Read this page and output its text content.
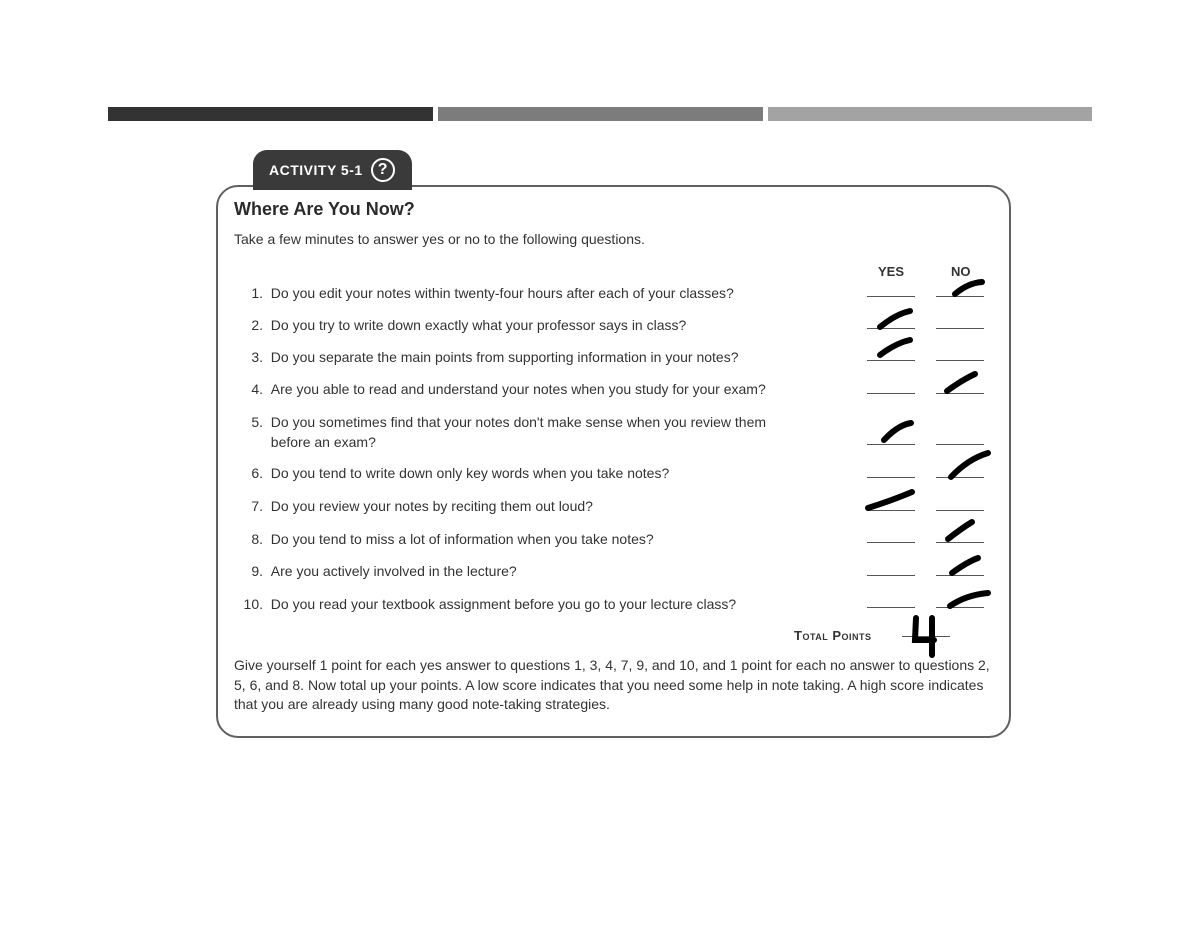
ACTIVITY 5-1 ?
Where Are You Now?
Take a few minutes to answer yes or no to the following questions.
YES	NO
1.
Do you edit your notes within twenty-four hours after each of your classes?
2.
Do you try to write down exactly what your professor says in class?
3.
Do you separate the main points from supporting information in your notes?
4.
Are you able to read and understand your notes when you study for your exam?
5.
Do you sometimes find that your notes don't make sense when you review them before an exam?
6.
Do you tend to write down only key words when you take notes?
7.
Do you review your notes by reciting them out loud?
8.
Do you tend to miss a lot of information when you take notes?
9.
Are you actively involved in the lecture?
10.
Do you read your textbook assignment before you go to your lecture class?
Total Points
Give yourself 1 point for each yes answer to questions 1, 3, 4, 7, 9, and 10, and 1 point for each no answer to questions 2, 5, 6, and 8. Now total up your points. A low score indicates that you need some help in note taking. A high score indicates that you are already using many good note-taking strategies.
